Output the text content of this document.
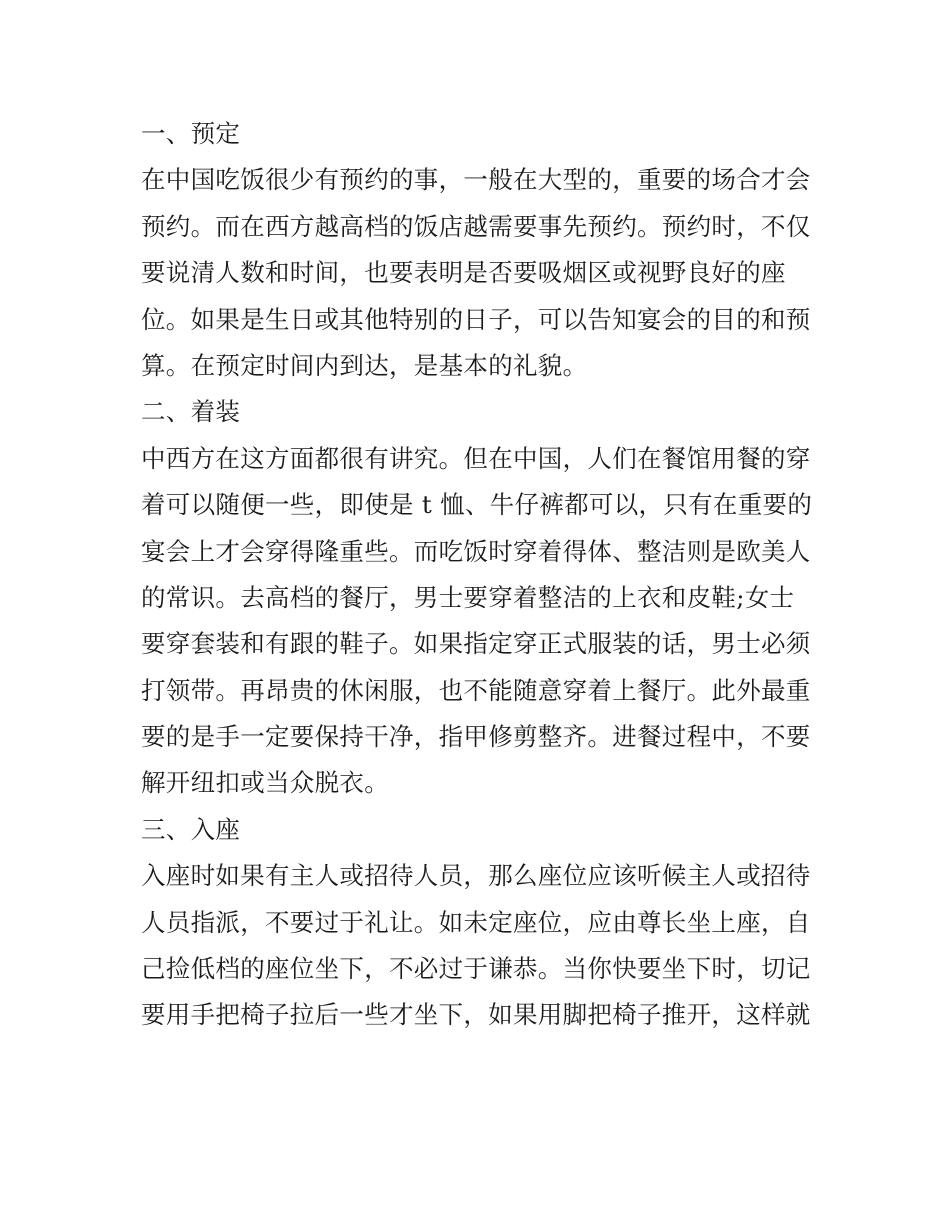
一、预定
在中国吃饭很少有预约的事，一般在大型的，重要的场合才会
预约。而在西方越高档的饭店越需要事先预约。预约时，不仅
要说清人数和时间，也要表明是否要吸烟区或视野良好的座
位。如果是生日或其他特别的日子，可以告知宴会的目的和预
算。在预定时间内到达，是基本的礼貌。
二、着装
中西方在这方面都很有讲究。但在中国，人们在餐馆用餐的穿
着可以随便一些，即使是 t 恤、牛仔裤都可以，只有在重要的
宴会上才会穿得隆重些。而吃饭时穿着得体、整洁则是欧美人
的常识。去高档的餐厅，男士要穿着整洁的上衣和皮鞋;女士
要穿套装和有跟的鞋子。如果指定穿正式服装的话，男士必须
打领带。再昂贵的休闲服，也不能随意穿着上餐厅。此外最重
要的是手一定要保持干净，指甲修剪整齐。进餐过程中，不要
解开纽扣或当众脱衣。
三、入座
入座时如果有主人或招待人员，那么座位应该听候主人或招待
人员指派，不要过于礼让。如未定座位，应由尊长坐上座，自
己捡低档的座位坐下，不必过于谦恭。当你快要坐下时，切记
要用手把椅子拉后一些才坐下，如果用脚把椅子推开，这样就
